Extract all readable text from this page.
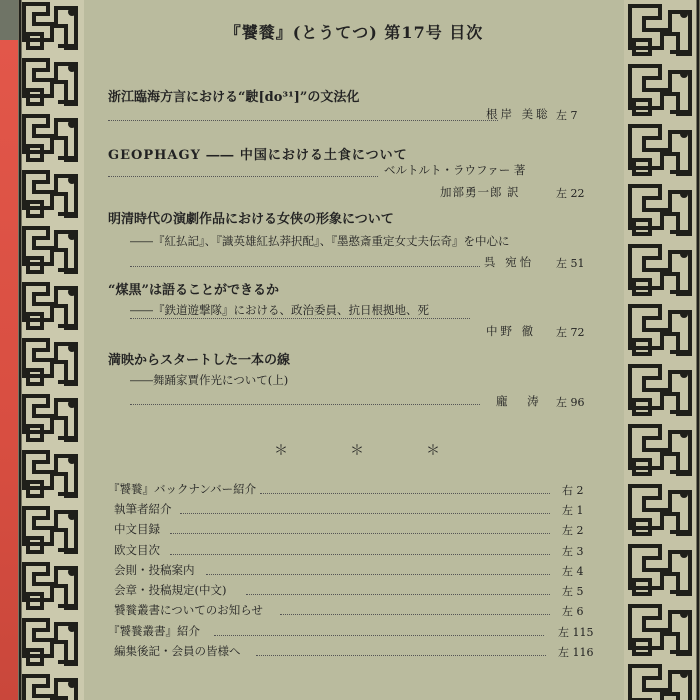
『饕餮』(とうてつ) 第17号 目次
浙江臨海方言における“駛[do³¹]”の文法化
根岸 美聡 左 7
GEOPHAGY ―― 中国における土食について
ベルトルト・ラウファー 著
加部勇一郎 訳	左 22
明清時代の演劇作品における女侠の形象について
――『紅払記』、『識英雄紅払莽択配』、『墨憨斎重定女丈夫伝奇』を中心に
呉 宛怡 左 51
“煤黒”は語ることができるか
――『鉄道遊撃隊』における、政治委員、抗日根拠地、死
中野 徹 左 72
満映からスタートした一本の線
――舞踊家賈作光について(上)
龐 涛 左 96
＊	＊	＊
『饕餮』バックナンバー紹介	右 2
執筆者紹介	左 1
中文目録	左 2
欧文目次	左 3
会則・投稿案内	左 4
会章・投稿規定(中文)	左 5
饕餮叢書についてのお知らせ	左 6
『饕餮叢書』紹介	左 115
編集後記・会員の皆様へ	左 116
